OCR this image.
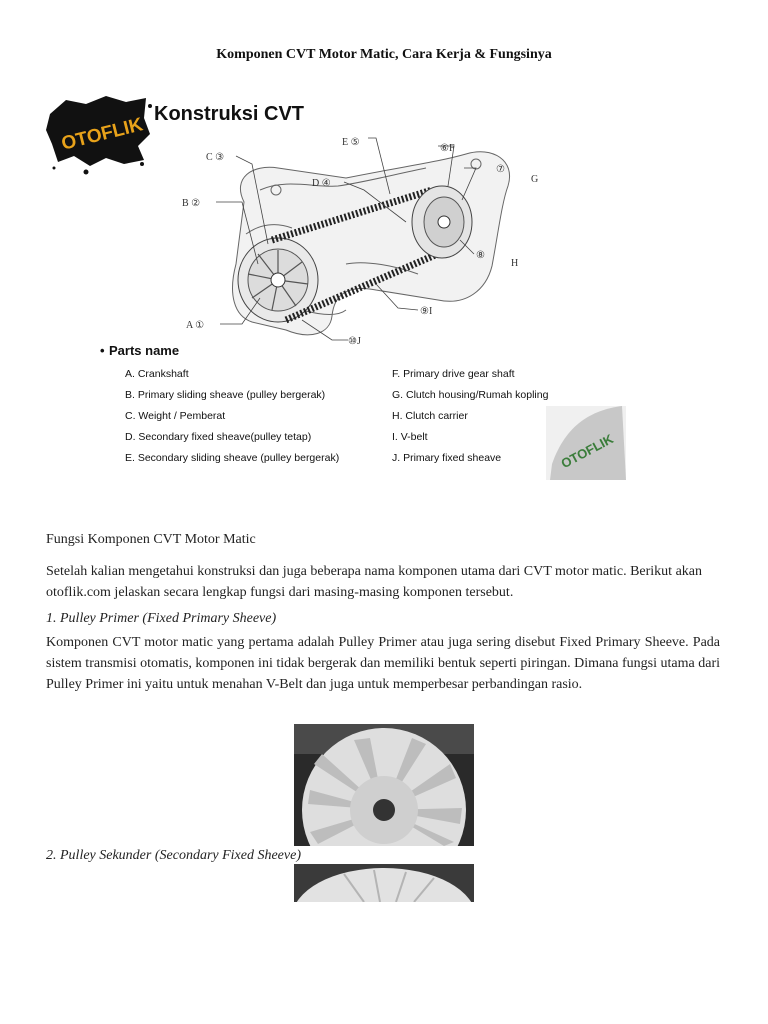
Komponen CVT Motor Matic, Cara Kerja & Fungsinya
OTOFLIK
Konstruksi CVT
C ③
E ⑤
⑥F
⑦
G
D ④
B ②
⑧
H
A ①
⑨I
⑩J
• Parts name
A. Crankshaft
B. Primary sliding sheave (pulley bergerak)
C. Weight / Pemberat
D. Secondary fixed sheave(pulley tetap)
E. Secondary sliding sheave (pulley bergerak)
F. Primary drive gear shaft
G. Clutch housing/Rumah kopling
H. Clutch carrier
I. V-belt
J. Primary fixed sheave	OTOFLIK
Fungsi Komponen CVT Motor Matic
Setelah kalian mengetahui konstruksi dan juga beberapa nama komponen utama dari CVT motor matic. Berikut akan otoflik.com jelaskan secara lengkap fungsi dari masing-masing komponen tersebut.
1. Pulley Primer (Fixed Primary Sheeve)
Komponen CVT motor matic yang pertama adalah Pulley Primer atau juga sering disebut Fixed Primary Sheeve. Pada sistem transmisi otomatis, komponen ini tidak bergerak dan memiliki bentuk seperti piringan. Dimana fungsi utama dari Pulley Primer ini yaitu untuk menahan V-Belt dan juga untuk memperbesar perbandingan rasio.
2. Pulley Sekunder (Secondary Fixed Sheeve)
